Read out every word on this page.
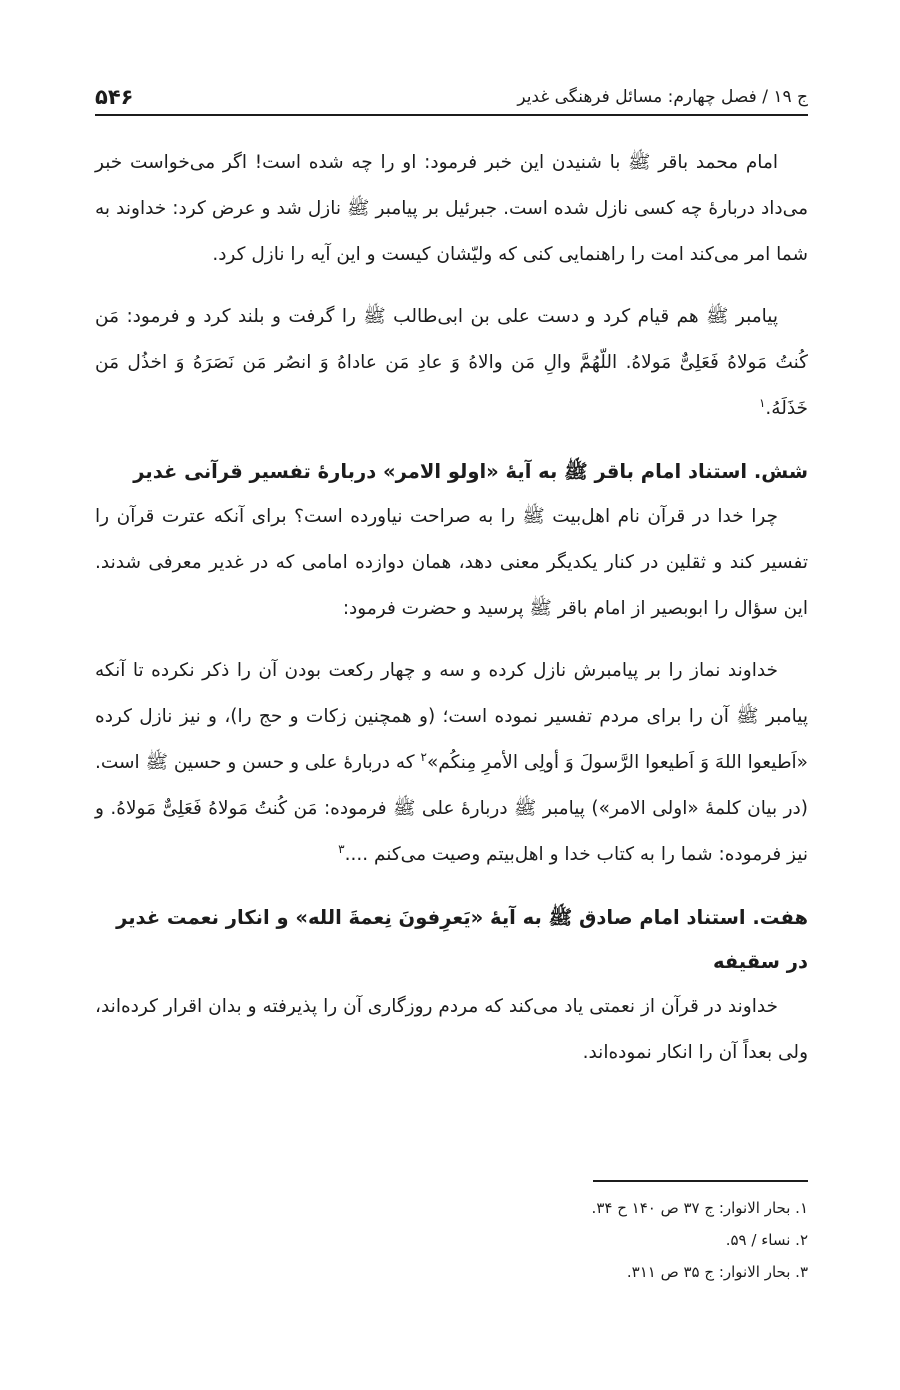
ج ۱۹ / فصل چهارم: مسائل فرهنگی غدیر
۵۴۶

امام محمد باقر ﷺ با شنیدن این خبر فرمود: او را چه شده است! اگر می‌خواست خبر می‌داد دربارۀ چه کسی نازل شده است. جبرئیل بر پیامبر ﷺ نازل شد و عرض کرد: خداوند به شما امر می‌کند امت را راهنمایی کنی که ولیّشان کیست و این آیه را نازل کرد.

پیامبر ﷺ هم قیام کرد و دست علی بن ابی‌طالب ﷺ را گرفت و بلند کرد و فرمود: مَن کُنتُ مَولاهُ فَعَلِیٌّ مَولاهُ. اللّهُمَّ والِ مَن والاهُ وَ عادِ مَن عاداهُ وَ انصُر مَن نَصَرَهُ وَ اخذُل مَن خَذَلَهُ.$^۱$

شش. استناد امام باقر ﷺ به آیۀ «اولو الامر» دربارۀ تفسیر قرآنی غدیر

چرا خدا در قرآن نام اهل‌بیت ﷺ را به صراحت نیاورده است؟ برای آنکه عترت قرآن را تفسیر کند و ثقلین در کنار یکدیگر معنی دهد، همان دوازده امامی که در غدیر معرفی شدند. این سؤال را ابوبصیر از امام باقر ﷺ پرسید و حضرت فرمود:

خداوند نماز را بر پیامبرش نازل کرده و سه و چهار رکعت بودن آن را ذکر نکرده تا آنکه پیامبر ﷺ آن را برای مردم تفسیر نموده است؛ (و همچنین زکات و حج را)، و نیز نازل کرده «اَطیعوا اللهَ وَ اَطیعوا الرَّسولَ وَ أولِی الأمرِ مِنکُم»$^۲$ که دربارۀ علی و حسن و حسین ﷺ است. (در بیان کلمۀ «اولی الامر») پیامبر ﷺ دربارۀ علی ﷺ فرموده: مَن کُنتُ مَولاهُ فَعَلِیٌّ مَولاهُ. و نیز فرموده: شما را به کتاب خدا و اهل‌بیتم وصیت می‌کنم ....$^۳$

هفت. استناد امام صادق ﷺ به آیۀ «یَعرِفونَ نِعمةَ الله» و انکار نعمت غدیر در سقیفه

خداوند در قرآن از نعمتی یاد می‌کند که مردم روزگاری آن را پذیرفته و بدان اقرار کرده‌اند، ولی بعداً آن را انکار نموده‌اند.

۱. بحار الانوار: ج ۳۷ ص ۱۴۰ ح ۳۴.
۲. نساء / ۵۹.
۳. بحار الانوار: ج ۳۵ ص ۳۱۱.
